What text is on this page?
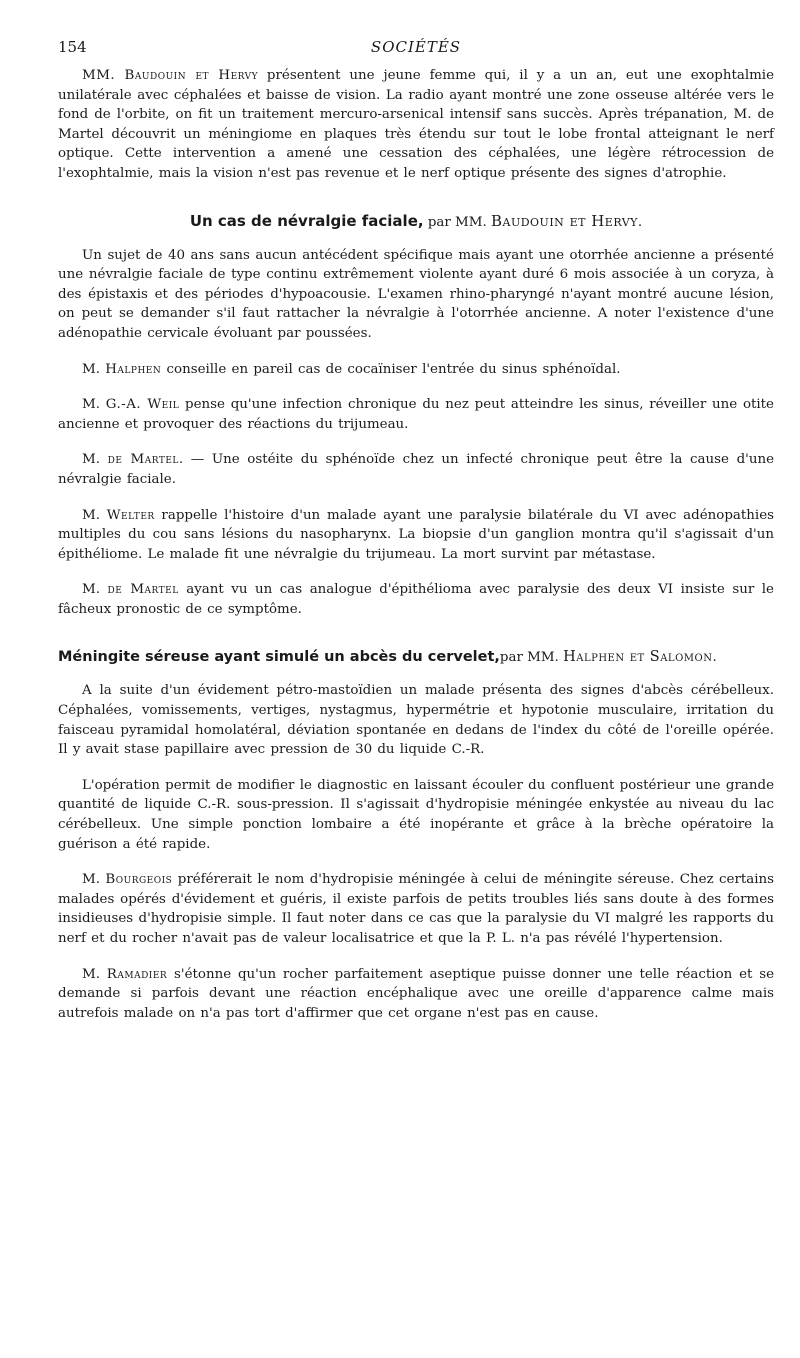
154	SOCIÉTÉS

MM. Baudouin et Hervy présentent une jeune femme qui, il y a un an, eut une exophtalmie unilatérale avec céphalées et baisse de vision. La radio ayant montré une zone osseuse altérée vers le fond de l'orbite, on fit un traitement mercuro-arsenical intensif sans succès. Après trépanation, M. de Martel découvrit un méningiome en plaques très étendu sur tout le lobe frontal atteignant le nerf optique. Cette intervention a amené une cessation des céphalées, une légère rétrocession de l'exophtalmie, mais la vision n'est pas revenue et le nerf optique présente des signes d'atrophie.

Un cas de névralgie faciale, par MM. Baudouin et Hervy.

Un sujet de 40 ans sans aucun antécédent spécifique mais ayant une otorrhée ancienne a présenté une névralgie faciale de type continu extrêmement violente ayant duré 6 mois associée à un coryza, à des épistaxis et des périodes d'hypoacousie. L'examen rhino-pharyngé n'ayant montré aucune lésion, on peut se demander s'il faut rattacher la névralgie à l'otorrhée ancienne. A noter l'existence d'une adénopathie cervicale évoluant par poussées.

M. Halphen conseille en pareil cas de cocaïniser l'entrée du sinus sphénoïdal.

M. G.-A. Weil pense qu'une infection chronique du nez peut atteindre les sinus, réveiller une otite ancienne et provoquer des réactions du trijumeau.

M. de Martel. — Une ostéite du sphénoïde chez un infecté chronique peut être la cause d'une névralgie faciale.

M. Welter rappelle l'histoire d'un malade ayant une paralysie bilatérale du VI avec adénopathies multiples du cou sans lésions du nasopharynx. La biopsie d'un ganglion montra qu'il s'agissait d'un épithéliome. Le malade fit une névralgie du trijumeau. La mort survint par métastase.

M. de Martel ayant vu un cas analogue d'épithélioma avec paralysie des deux VI insiste sur le fâcheux pronostic de ce symptôme.

Méningite séreuse ayant simulé un abcès du cervelet,par MM. Halphen et Salomon.

A la suite d'un évidement pétro-mastoïdien un malade présenta des signes d'abcès cérébelleux. Céphalées, vomissements, vertiges, nystagmus, hypermétrie et hypotonie musculaire, irritation du faisceau pyramidal homolatéral, déviation spontanée en dedans de l'index du côté de l'oreille opérée. Il y avait stase papillaire avec pression de 30 du liquide C.-R.

L'opération permit de modifier le diagnostic en laissant écouler du confluent postérieur une grande quantité de liquide C.-R. sous-pression. Il s'agissait d'hydropisie méningée enkystée au niveau du lac cérébelleux. Une simple ponction lombaire a été inopérante et grâce à la brèche opératoire la guérison a été rapide.

M. Bourgeois préférerait le nom d'hydropisie méningée à celui de méningite séreuse. Chez certains malades opérés d'évidement et guéris, il existe parfois de petits troubles liés sans doute à des formes insidieuses d'hydropisie simple. Il faut noter dans ce cas que la paralysie du VI malgré les rapports du nerf et du rocher n'avait pas de valeur localisatrice et que la P. L. n'a pas révélé l'hypertension.

M. Ramadier s'étonne qu'un rocher parfaitement aseptique puisse donner une telle réaction et se demande si parfois devant une réaction encéphalique avec une oreille d'apparence calme mais autrefois malade on n'a pas tort d'affirmer que cet organe n'est pas en cause.
